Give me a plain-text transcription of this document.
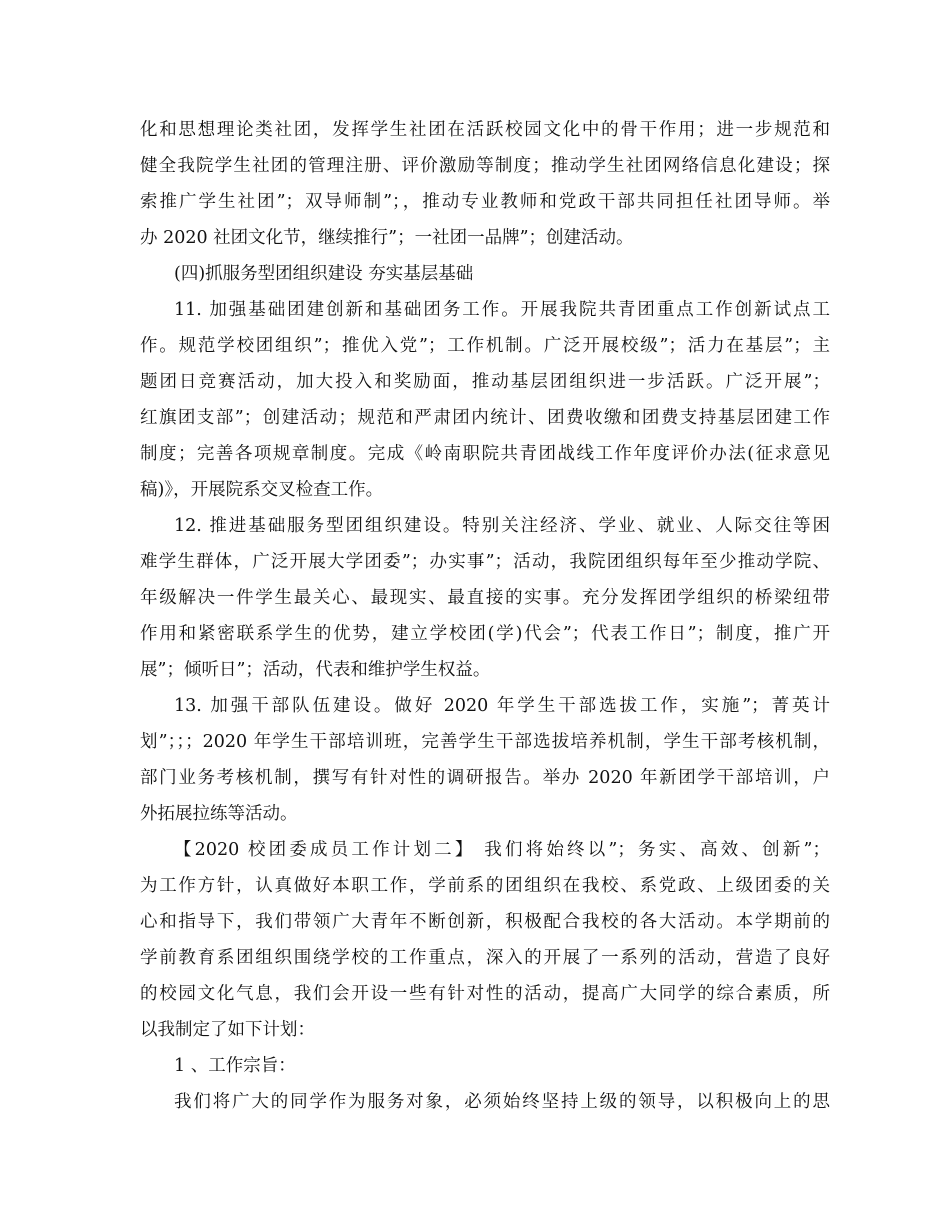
化和思想理论类社团，发挥学生社团在活跃校园文化中的骨干作用；进一步规范和
健全我院学生社团的管理注册、评价激励等制度；推动学生社团网络信息化建设；探
索推广学生社团”；双导师制”；，推动专业教师和党政干部共同担任社团导师。举
办 2020 社团文化节，继续推行”；一社团一品牌”；创建活动。
(四)抓服务型团组织建设 夯实基层基础
11. 加强基础团建创新和基础团务工作。开展我院共青团重点工作创新试点工
作。规范学校团组织”；推优入党”；工作机制。广泛开展校级”；活力在基层”；主
题团日竞赛活动，加大投入和奖励面，推动基层团组织进一步活跃。广泛开展”；
红旗团支部”；创建活动；规范和严肃团内统计、团费收缴和团费支持基层团建工作
制度；完善各项规章制度。完成《岭南职院共青团战线工作年度评价办法(征求意见
稿)》，开展院系交叉检查工作。
12. 推进基础服务型团组织建设。特别关注经济、学业、就业、人际交往等困
难学生群体，广泛开展大学团委”；办实事”；活动，我院团组织每年至少推动学院、
年级解决一件学生最关心、最现实、最直接的实事。充分发挥团学组织的桥梁纽带
作用和紧密联系学生的优势，建立学校团(学)代会”；代表工作日”；制度，推广开
展”；倾听日”；活动，代表和维护学生权益。
13. 加强干部队伍建设。做好 2020 年学生干部选拔工作，实施”；菁英计
划”；；；2020 年学生干部培训班，完善学生干部选拔培养机制，学生干部考核机制，
部门业务考核机制，撰写有针对性的调研报告。举办 2020 年新团学干部培训，户
外拓展拉练等活动。
【2020 校团委成员工作计划二】 我们将始终以”；务实、高效、创新”；
为工作方针，认真做好本职工作，学前系的团组织在我校、系党政、上级团委的关
心和指导下，我们带领广大青年不断创新，积极配合我校的各大活动。本学期前的
学前教育系团组织围绕学校的工作重点，深入的开展了一系列的活动，营造了良好
的校园文化气息，我们会开设一些有针对性的活动，提高广大同学的综合素质，所
以我制定了如下计划：
1 、工作宗旨：
我们将广大的同学作为服务对象，必须始终坚持上级的领导，以积极向上的思
